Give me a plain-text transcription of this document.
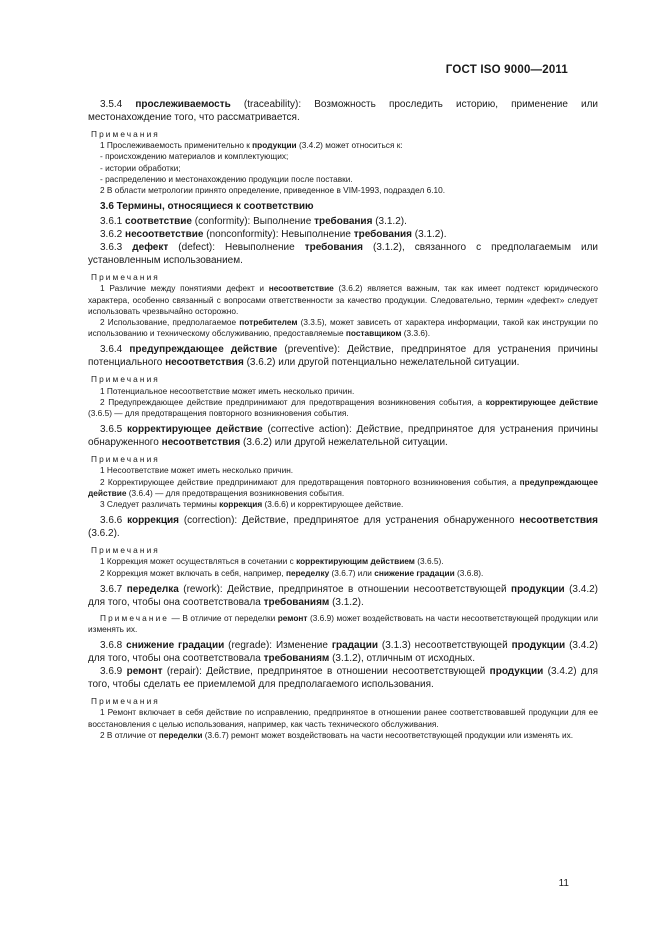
ГОСТ ISO 9000—2011

3.5.4 прослеживаемость (traceability): Возможность проследить историю, применение или местонахождение того, что рассматривается.

Примечания

1 Прослеживаемость применительно к продукции (3.4.2) может относиться к:

- происхождению материалов и комплектующих;

- истории обработки;

- распределению и местонахождению продукции после поставки.

2 В области метрологии принято определение, приведенное в VIM-1993, подраздел 6.10.

3.6 Термины, относящиеся к соответствию

3.6.1 соответствие (conformity): Выполнение требования (3.1.2).

3.6.2 несоответствие (nonconformity): Невыполнение требования (3.1.2).

3.6.3 дефект (defect): Невыполнение требования (3.1.2), связанного с предполагаемым или установленным использованием.

Примечания

1 Различие между понятиями дефект и несоответствие (3.6.2) является важным, так как имеет подтекст юридического характера, особенно связанный с вопросами ответственности за качество продукции. Следовательно, термин «дефект» следует использовать чрезвычайно осторожно.

2 Использование, предполагаемое потребителем (3.3.5), может зависеть от характера информации, такой как инструкции по использованию и техническому обслуживанию, предоставляемые поставщиком (3.3.6).

3.6.4 предупреждающее действие (preventive): Действие, предпринятое для устранения причины потенциального несоответствия (3.6.2) или другой потенциально нежелательной ситуации.

Примечания

1 Потенциальное несоответствие может иметь несколько причин.

2 Предупреждающее действие предпринимают для предотвращения возникновения события, а корректирующее действие (3.6.5) — для предотвращения повторного возникновения события.

3.6.5 корректирующее действие (corrective action): Действие, предпринятое для устранения причины обнаруженного несоответствия (3.6.2) или другой нежелательной ситуации.

Примечания

1 Несоответствие может иметь несколько причин.

2 Корректирующее действие предпринимают для предотвращения повторного возникновения события, а предупреждающее действие (3.6.4) — для предотвращения возникновения события.

3 Следует различать термины коррекция (3.6.6) и корректирующее действие.

3.6.6 коррекция (correction): Действие, предпринятое для устранения обнаруженного несоответствия (3.6.2).

Примечания

1 Коррекция может осуществляться в сочетании с корректирующим действием (3.6.5).

2 Коррекция может включать в себя, например, переделку (3.6.7) или снижение градации (3.6.8).

3.6.7 переделка (rework): Действие, предпринятое в отношении несоответствующей продукции (3.4.2) для того, чтобы она соответствовала требованиям (3.1.2).

Примечание — В отличие от переделки ремонт (3.6.9) может воздействовать на части несоответствующей продукции или изменять их.

3.6.8 снижение градации (regrade): Изменение градации (3.1.3) несоответствующей продукции (3.4.2) для того, чтобы она соответствовала требованиям (3.1.2), отличным от исходных.

3.6.9 ремонт (repair): Действие, предпринятое в отношении несоответствующей продукции (3.4.2) для того, чтобы сделать ее приемлемой для предполагаемого использования.

Примечания

1 Ремонт включает в себя действие по исправлению, предпринятое в отношении ранее соответствовавшей продукции для ее восстановления с целью использования, например, как часть технического обслуживания.

2 В отличие от переделки (3.6.7) ремонт может воздействовать на части несоответствующей продукции или изменять их.

11
